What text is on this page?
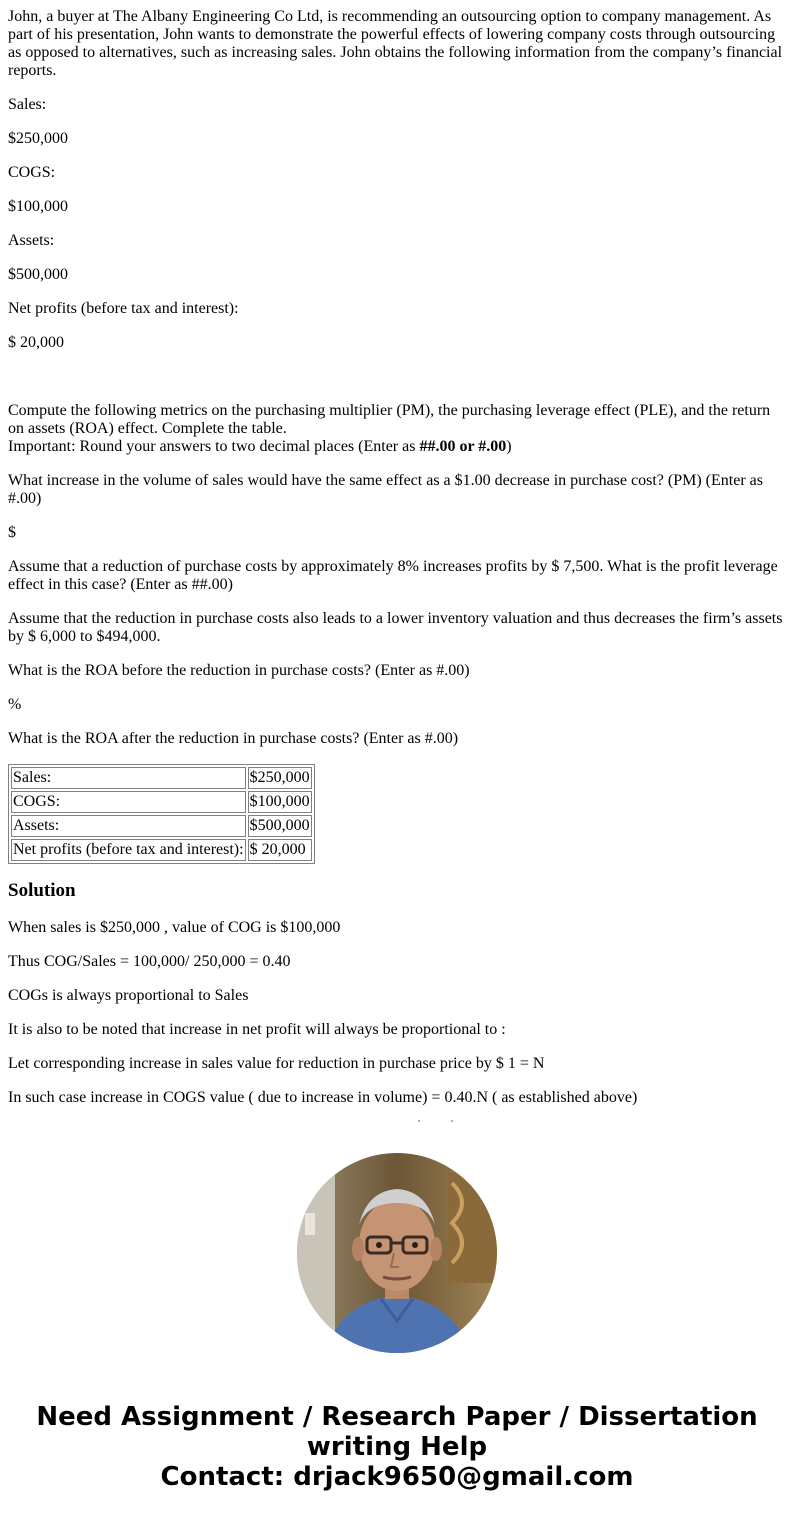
John, a buyer at The Albany Engineering Co Ltd, is recommending an outsourcing option to company management. As part of his presentation, John wants to demonstrate the powerful effects of lowering company costs through outsourcing as opposed to alternatives, such as increasing sales. John obtains the following information from the company’s financial reports.

Sales:

$250,000

COGS:

$100,000

Assets:

$500,000

Net profits (before tax and interest):

$ 20,000

Compute the following metrics on the purchasing multiplier (PM), the purchasing leverage effect (PLE), and the return on assets (ROA) effect. Complete the table.

Important: Round your answers to two decimal places (Enter as ##.00 or #.00)

What increase in the volume of sales would have the same effect as a $1.00 decrease in purchase cost? (PM) (Enter as #.00)

$

Assume that a reduction of purchase costs by approximately 8% increases profits by $ 7,500. What is the profit leverage effect in this case? (Enter as ##.00)

Assume that the reduction in purchase costs also leads to a lower inventory valuation and thus decreases the firm’s assets by $ 6,000 to $494,000.

What is the ROA before the reduction in purchase costs? (Enter as #.00)

%

What is the ROA after the reduction in purchase costs? (Enter as #.00)

Sales:	$250,000
COGS:	$100,000
Assets:	$500,000
Net profits (before tax and interest):	$ 20,000
Solution

When sales is $250,000 , value of COG is $100,000

Thus COG/Sales = 100,000/ 250,000 = 0.40

COGs is always proportional to Sales

It is also to be noted that increase in net profit will always be proportional to :

Let corresponding increase in sales value for reduction in purchase price by $ 1 = N

In such case increase in COGS value ( due to increase in volume) = 0.40.N ( as established above)

Need Assignment / Research Paper / Dissertation
writing Help
Contact: drjack9650@gmail.com
